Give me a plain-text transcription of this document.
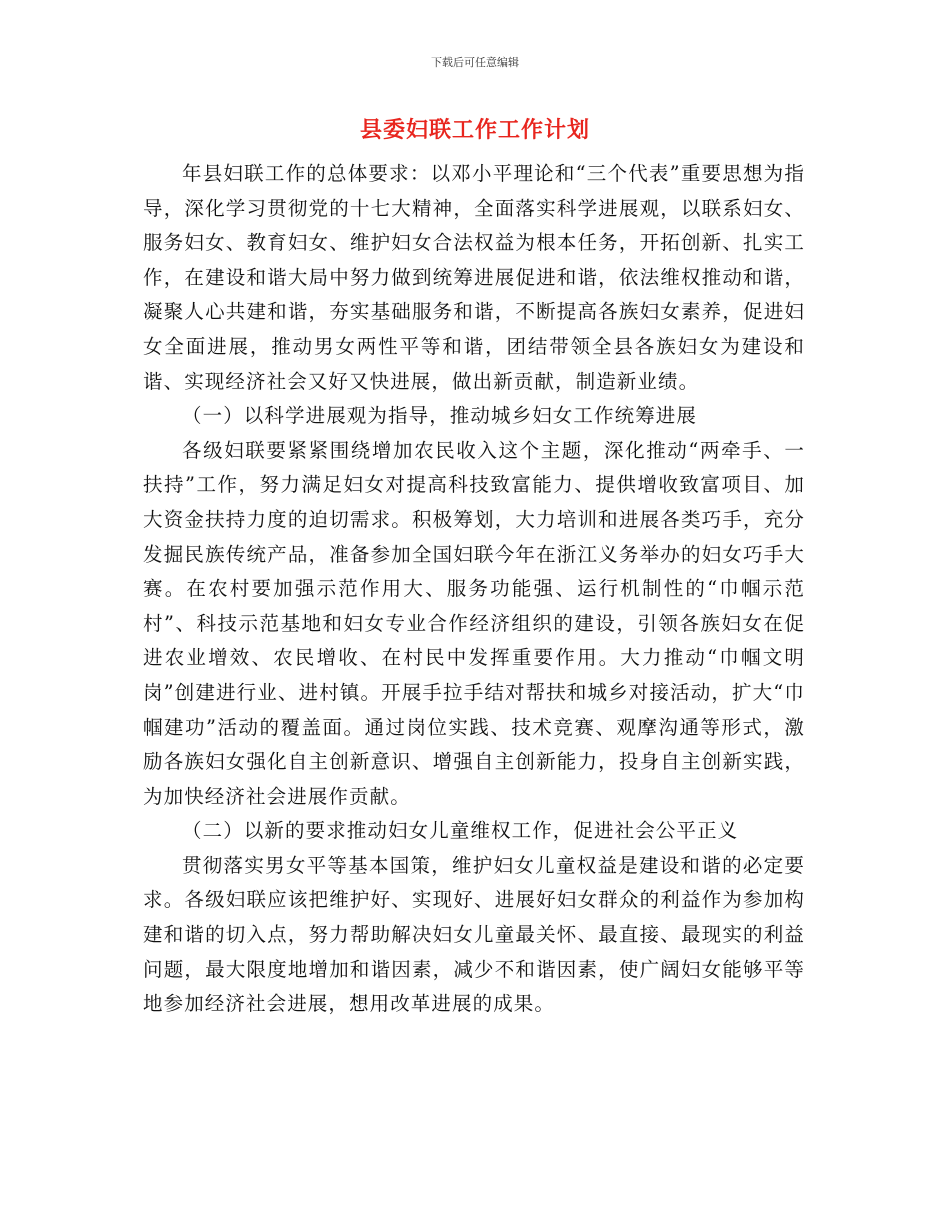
下载后可任意编辑
县委妇联工作工作计划

年县妇联工作的总体要求：以邓小平理论和“三个代表”重要思想为指导，深化学习贯彻党的十七大精神，全面落实科学进展观，以联系妇女、服务妇女、教育妇女、维护妇女合法权益为根本任务，开拓创新、扎实工作，在建设和谐大局中努力做到统筹进展促进和谐，依法维权推动和谐，凝聚人心共建和谐，夯实基础服务和谐，不断提高各族妇女素养，促进妇女全面进展，推动男女两性平等和谐，团结带领全县各族妇女为建设和谐、实现经济社会又好又快进展，做出新贡献，制造新业绩。

（一）以科学进展观为指导，推动城乡妇女工作统筹进展

各级妇联要紧紧围绕增加农民收入这个主题，深化推动“两牵手、一扶持”工作，努力满足妇女对提高科技致富能力、提供增收致富项目、加大资金扶持力度的迫切需求。积极筹划，大力培训和进展各类巧手，充分发掘民族传统产品，准备参加全国妇联今年在浙江义务举办的妇女巧手大赛。在农村要加强示范作用大、服务功能强、运行机制性的“巾帼示范村”、科技示范基地和妇女专业合作经济组织的建设，引领各族妇女在促进农业增效、农民增收、在村民中发挥重要作用。大力推动“巾帼文明岗”创建进行业、进村镇。开展手拉手结对帮扶和城乡对接活动，扩大“巾帼建功”活动的覆盖面。通过岗位实践、技术竞赛、观摩沟通等形式，激励各族妇女强化自主创新意识、增强自主创新能力，投身自主创新实践，为加快经济社会进展作贡献。

（二）以新的要求推动妇女儿童维权工作，促进社会公平正义

贯彻落实男女平等基本国策，维护妇女儿童权益是建设和谐的必定要求。各级妇联应该把维护好、实现好、进展好妇女群众的利益作为参加构建和谐的切入点，努力帮助解决妇女儿童最关怀、最直接、最现实的利益问题，最大限度地增加和谐因素，减少不和谐因素，使广阔妇女能够平等地参加经济社会进展，想用改革进展的成果。
